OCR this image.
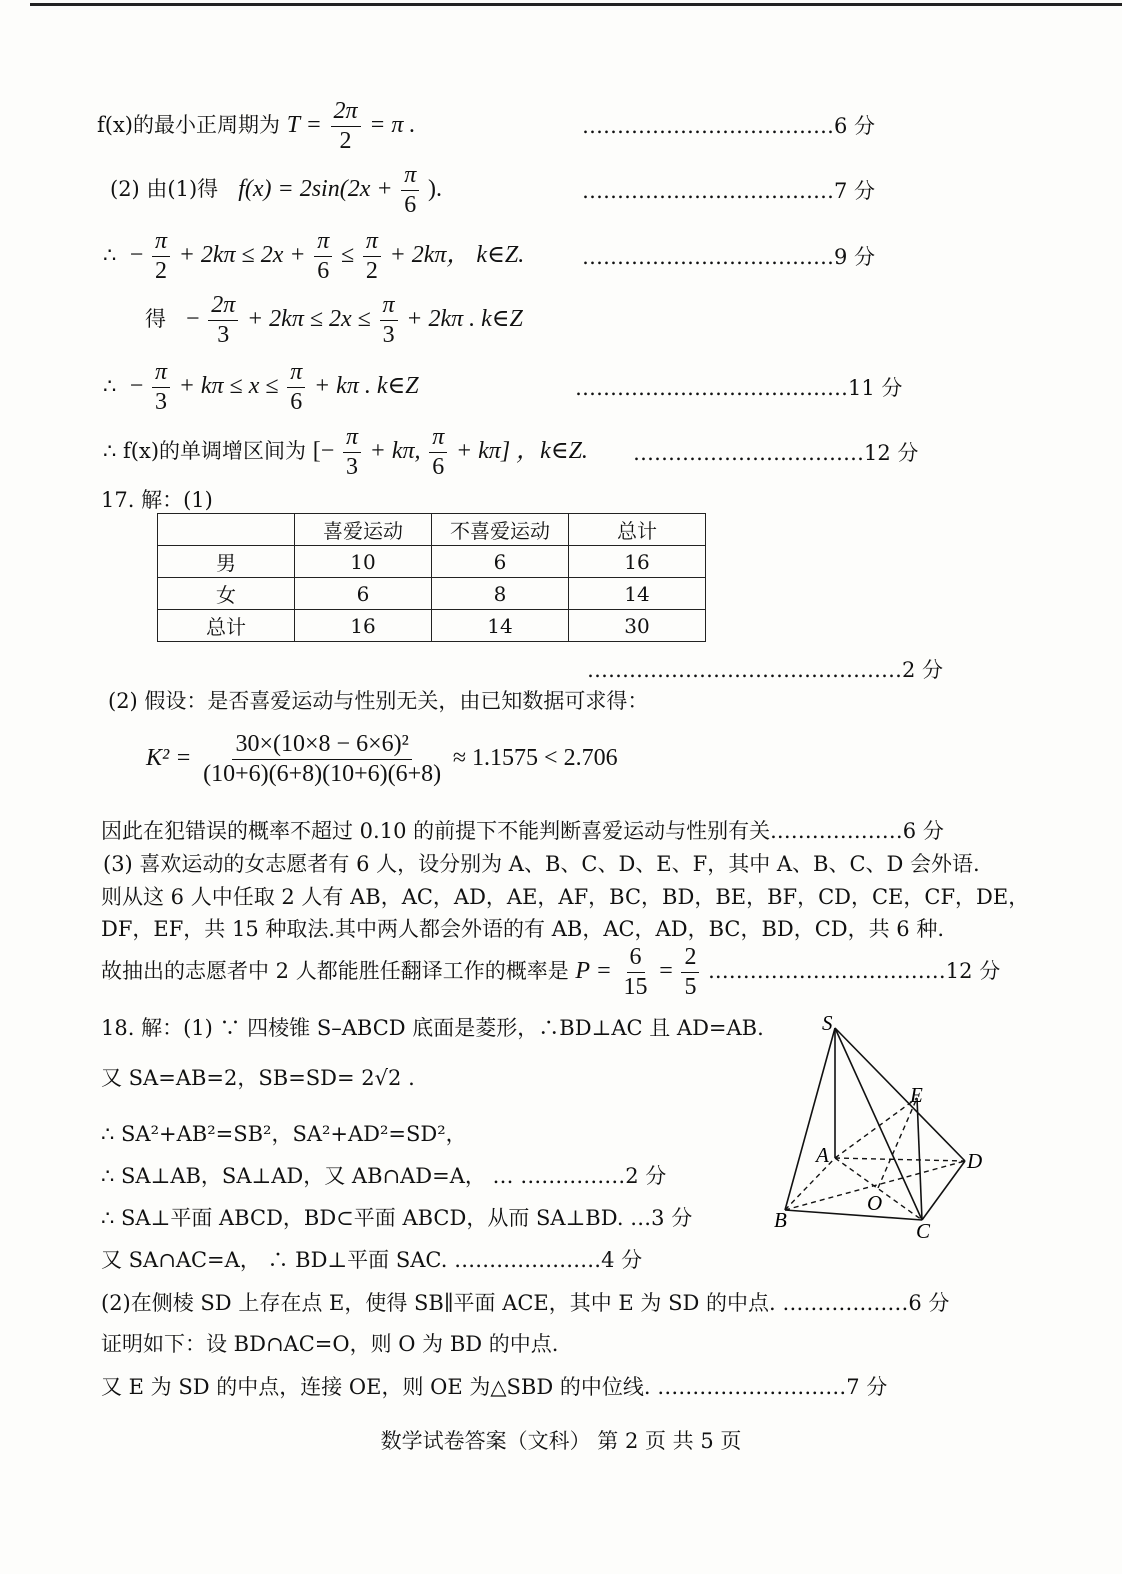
f(x)的最小正周期为 $T = \frac{2\pi}{2} = \pi$ .	………………………………6 分
(2) 由(1)得 $f(x) = 2\sin(2x + \frac{\pi}{6}$ ).	………………………………7 分
∴ − $\frac{\pi}{2} + 2k\pi \le 2x + \frac{\pi}{6} \le \frac{\pi}{2} + 2k\pi$， k∈Z.	………………………………9 分
得 − $\frac{2\pi}{3} + 2k\pi \le 2x \le \frac{\pi}{3} + 2k\pi$ . k∈Z
∴ − $\frac{\pi}{3} + k\pi \le x \le \frac{\pi}{6} + k\pi$ . k∈Z	…………………………………11 分
∴ f(x)的单调增区间为 [− $\frac{\pi}{3} + k\pi$, $\frac{\pi}{6} + k\pi$] ，k∈Z. ……………………………12 分
17. 解：(1)
	喜爱运动	不喜爱运动	总计
男	10	6	16
女	6	8	14
总计	16	14	30
………………………………………2 分
(2) 假设：是否喜爱运动与性别无关，由已知数据可求得：
$K^2 = \frac{\text{30×(10×8 − 6×6)²}}{(10+6)(6+8)(10+6)(6+8)} \approx 1.1575 < 2.706$
因此在犯错误的概率不超过 0.10 的前提下不能判断喜爱运动与性别有关.………………6 分
(3) 喜欢运动的女志愿者有 6 人，设分别为 A、B、C、D、E、F，其中 A、B、C、D 会外语.
则从这 6 人中任取 2 人有 AB，AC，AD，AE，AF，BC，BD，BE，BF，CD，CE，CF，DE，
DF，EF，共 15 种取法.其中两人都会外语的有 AB，AC，AD，BC，BD，CD，共 6 种.
故抽出的志愿者中 2 人都能胜任翻译工作的概率是 $P = \frac{6}{15} = \frac{2}{5}$ .……………………………12 分
18. 解：(1) ∵ 四棱锥 S–ABCD 底面是菱形，∴BD⊥AC 且 AD=AB.
又 SA=AB=2，SB=SD= 2√2 .
∴ SA²+AB²=SB²，SA²+AD²=SD²，
∴ SA⊥AB，SA⊥AD，又 AB∩AD=A， … ……………2 分
∴ SA⊥平面 ABCD，BD⊂平面 ABCD，从而 SA⊥BD. …3 分
又 SA∩AC=A， ∴ BD⊥平面 SAC. …………………4 分
(2)在侧棱 SD 上存在点 E，使得 SB∥平面 ACE，其中 E 为 SD 的中点. ………………6 分
证明如下：设 BD∩AC=O，则 O 为 BD 的中点.
又 E 为 SD 的中点，连接 OE，则 OE 为△SBD 的中位线. ………………………7 分
S
E
A	D
O
B	C
数学试卷答案（文科） 第 2 页 共 5 页
